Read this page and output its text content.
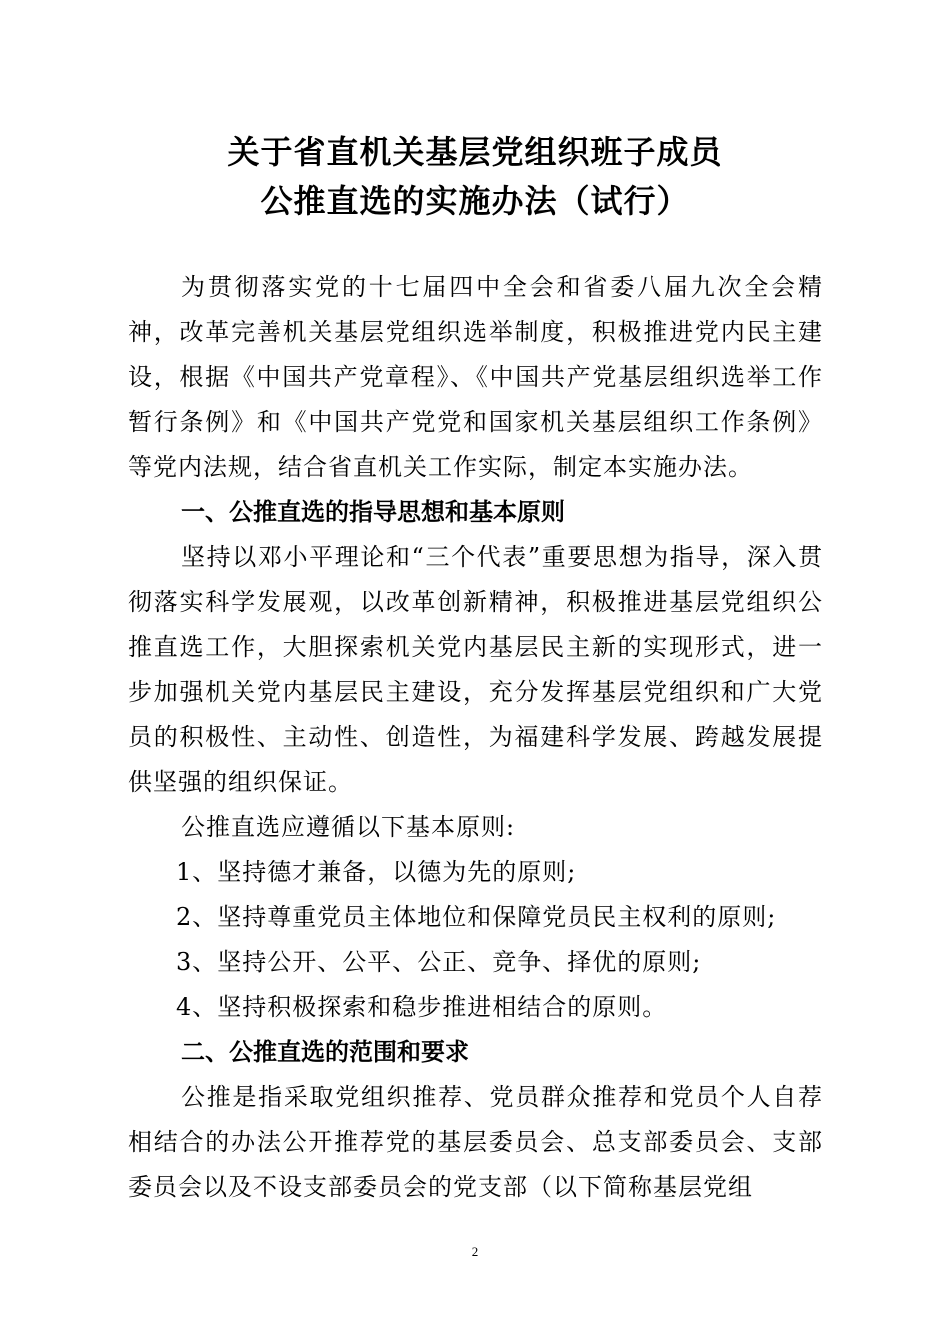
关于省直机关基层党组织班子成员
公推直选的实施办法（试行）

为贯彻落实党的十七届四中全会和省委八届九次全会精神，改革完善机关基层党组织选举制度，积极推进党内民主建设，根据《中国共产党章程》、《中国共产党基层组织选举工作暂行条例》和《中国共产党党和国家机关基层组织工作条例》等党内法规，结合省直机关工作实际，制定本实施办法。

一、公推直选的指导思想和基本原则

坚持以邓小平理论和“三个代表”重要思想为指导，深入贯彻落实科学发展观，以改革创新精神，积极推进基层党组织公推直选工作，大胆探索机关党内基层民主新的实现形式，进一步加强机关党内基层民主建设，充分发挥基层党组织和广大党员的积极性、主动性、创造性，为福建科学发展、跨越发展提供坚强的组织保证。

公推直选应遵循以下基本原则:

1、坚持德才兼备，以德为先的原则;

2、坚持尊重党员主体地位和保障党员民主权利的原则;

3、坚持公开、公平、公正、竞争、择优的原则;

4、坚持积极探索和稳步推进相结合的原则。

二、公推直选的范围和要求

公推是指采取党组织推荐、党员群众推荐和党员个人自荐相结合的办法公开推荐党的基层委员会、总支部委员会、支部委员会以及不设支部委员会的党支部（以下简称基层党组

2
